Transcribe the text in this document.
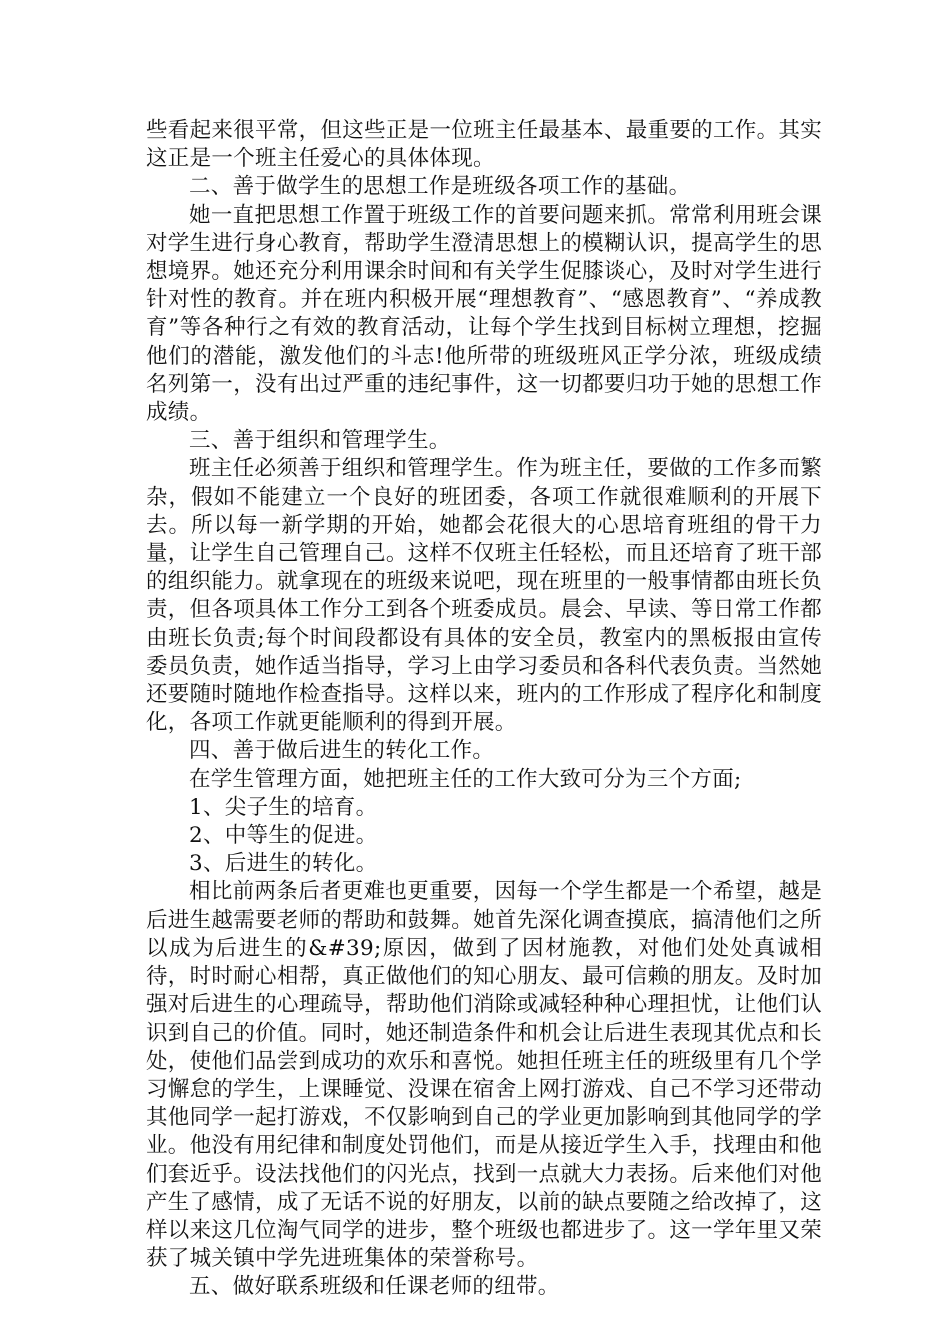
些看起来很平常，但这些正是一位班主任最基本、最重要的工作。其实这正是一个班主任爱心的具体体现。

二、善于做学生的思想工作是班级各项工作的基础。

她一直把思想工作置于班级工作的首要问题来抓。常常利用班会课对学生进行身心教育，帮助学生澄清思想上的模糊认识，提高学生的思想境界。她还充分利用课余时间和有关学生促膝谈心，及时对学生进行针对性的教育。并在班内积极开展“理想教育”、“感恩教育”、“养成教育”等各种行之有效的教育活动，让每个学生找到目标树立理想，挖掘他们的潜能，激发他们的斗志!他所带的班级班风正学分浓，班级成绩名列第一，没有出过严重的违纪事件，这一切都要归功于她的思想工作成绩。

三、善于组织和管理学生。

班主任必须善于组织和管理学生。作为班主任，要做的工作多而繁杂，假如不能建立一个良好的班团委，各项工作就很难顺利的开展下去。所以每一新学期的开始，她都会花很大的心思培育班组的骨干力量，让学生自己管理自己。这样不仅班主任轻松，而且还培育了班干部的组织能力。就拿现在的班级来说吧，现在班里的一般事情都由班长负责，但各项具体工作分工到各个班委成员。晨会、早读、等日常工作都由班长负责;每个时间段都设有具体的安全员，教室内的黑板报由宣传委员负责，她作适当指导，学习上由学习委员和各科代表负责。当然她还要随时随地作检查指导。这样以来，班内的工作形成了程序化和制度化，各项工作就更能顺利的得到开展。

四、善于做后进生的转化工作。

在学生管理方面，她把班主任的工作大致可分为三个方面;

1、尖子生的培育。

2、中等生的促进。

3、后进生的转化。

相比前两条后者更难也更重要，因每一个学生都是一个希望，越是后进生越需要老师的帮助和鼓舞。她首先深化调查摸底，搞清他们之所以成为后进生的&#39;原因，做到了因材施教，对他们处处真诚相待，时时耐心相帮，真正做他们的知心朋友、最可信赖的朋友。及时加强对后进生的心理疏导，帮助他们消除或减轻种种心理担忧，让他们认识到自己的价值。同时，她还制造条件和机会让后进生表现其优点和长处，使他们品尝到成功的欢乐和喜悦。她担任班主任的班级里有几个学习懈怠的学生，上课睡觉、没课在宿舍上网打游戏、自己不学习还带动其他同学一起打游戏，不仅影响到自己的学业更加影响到其他同学的学业。他没有用纪律和制度处罚他们，而是从接近学生入手，找理由和他们套近乎。设法找他们的闪光点，找到一点就大力表扬。后来他们对他产生了感情，成了无话不说的好朋友，以前的缺点要随之给改掉了，这样以来这几位淘气同学的进步，整个班级也都进步了。这一学年里又荣获了城关镇中学先进班集体的荣誉称号。

五、做好联系班级和任课老师的纽带。
